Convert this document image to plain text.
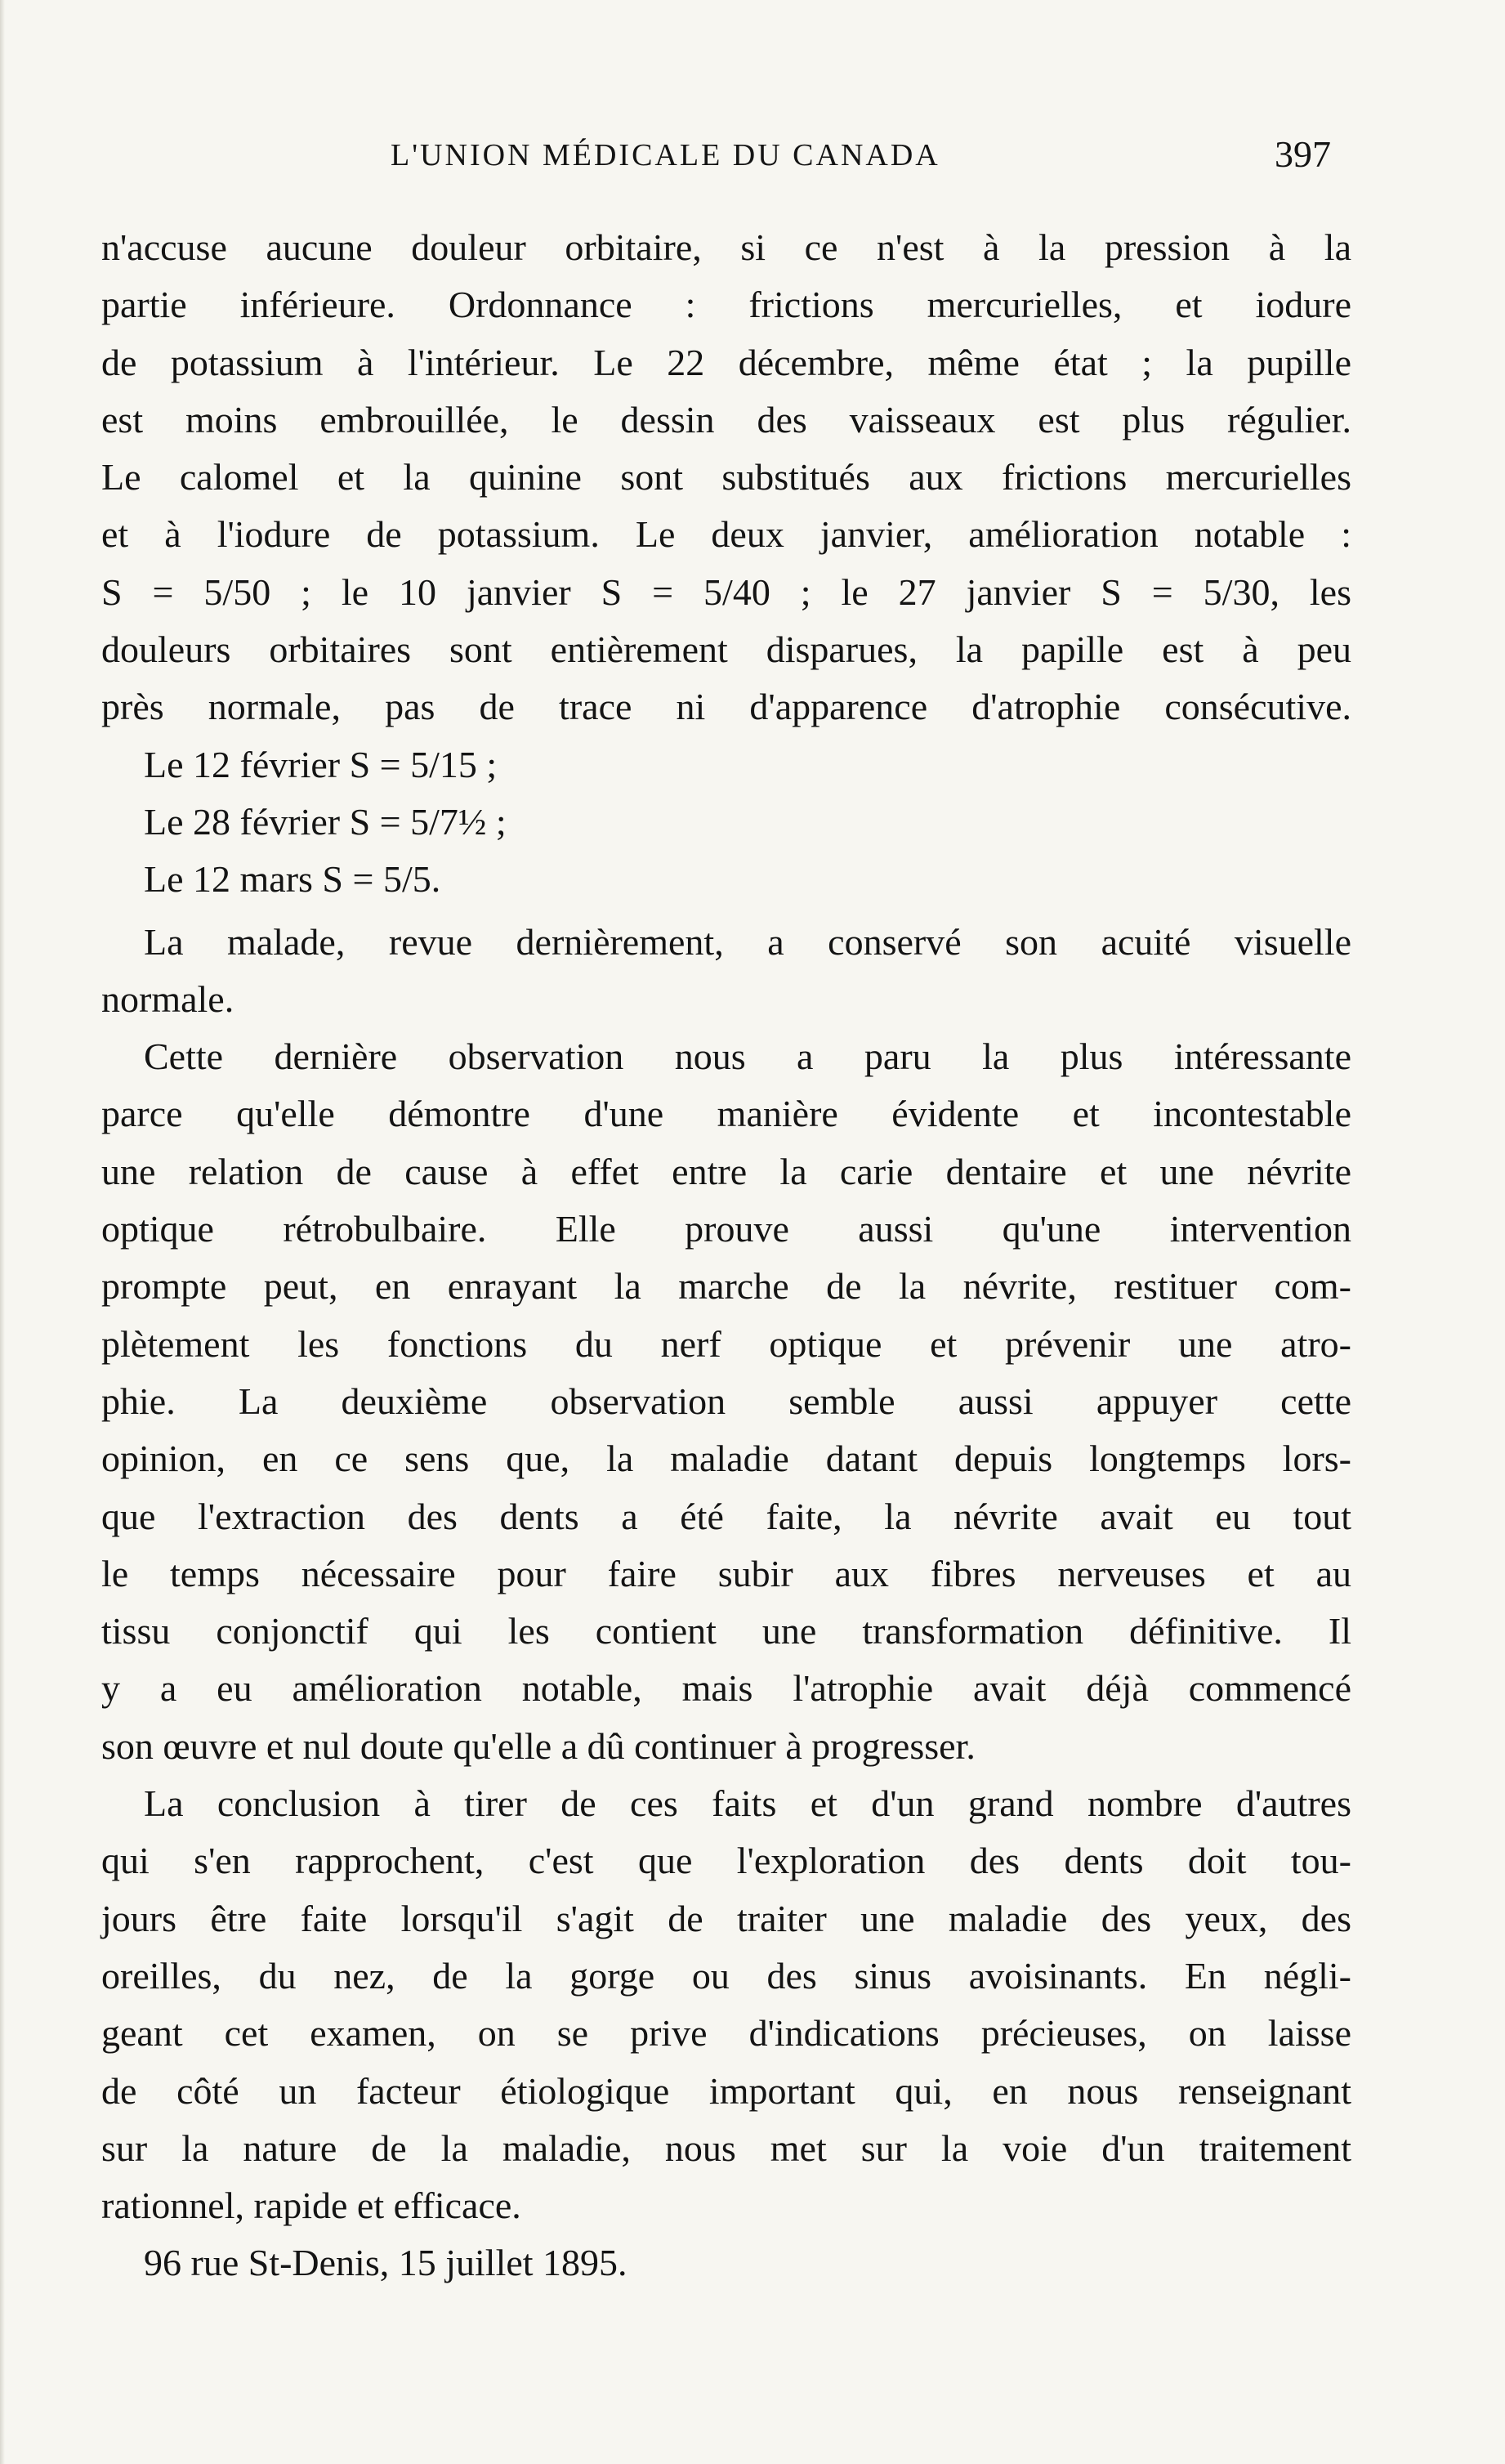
L'UNION MÉDICALE DU CANADA	397
n'accuse aucune douleur orbitaire, si ce n'est à la pression à la
partie inférieure. Ordonnance : frictions mercurielles, et iodure
de potassium à l'intérieur. Le 22 décembre, même état ; la pupille
est moins embrouillée, le dessin des vaisseaux est plus régulier.
Le calomel et la quinine sont substitués aux frictions mercurielles
et à l'iodure de potassium. Le deux janvier, amélioration notable :
S = 5/50 ; le 10 janvier S = 5/40 ; le 27 janvier S = 5/30, les
douleurs orbitaires sont entièrement disparues, la papille est à peu
près normale, pas de trace ni d'apparence d'atrophie consécutive.
Le 12 février S = 5/15 ;
Le 28 février S = 5/7½ ;
Le 12 mars S = 5/5.
La malade, revue dernièrement, a conservé son acuité visuelle
normale.
Cette dernière observation nous a paru la plus intéressante
parce qu'elle démontre d'une manière évidente et incontestable
une relation de cause à effet entre la carie dentaire et une névrite
optique rétrobulbaire. Elle prouve aussi qu'une intervention
prompte peut, en enrayant la marche de la névrite, restituer com-
plètement les fonctions du nerf optique et prévenir une atro-
phie. La deuxième observation semble aussi appuyer cette
opinion, en ce sens que, la maladie datant depuis longtemps lors-
que l'extraction des dents a été faite, la névrite avait eu tout
le temps nécessaire pour faire subir aux fibres nerveuses et au
tissu conjonctif qui les contient une transformation définitive. Il
y a eu amélioration notable, mais l'atrophie avait déjà commencé
son œuvre et nul doute qu'elle a dû continuer à progresser.
La conclusion à tirer de ces faits et d'un grand nombre d'autres
qui s'en rapprochent, c'est que l'exploration des dents doit tou-
jours être faite lorsqu'il s'agit de traiter une maladie des yeux, des
oreilles, du nez, de la gorge ou des sinus avoisinants. En négli-
geant cet examen, on se prive d'indications précieuses, on laisse
de côté un facteur étiologique important qui, en nous renseignant
sur la nature de la maladie, nous met sur la voie d'un traitement
rationnel, rapide et efficace.
96 rue St-Denis, 15 juillet 1895.
